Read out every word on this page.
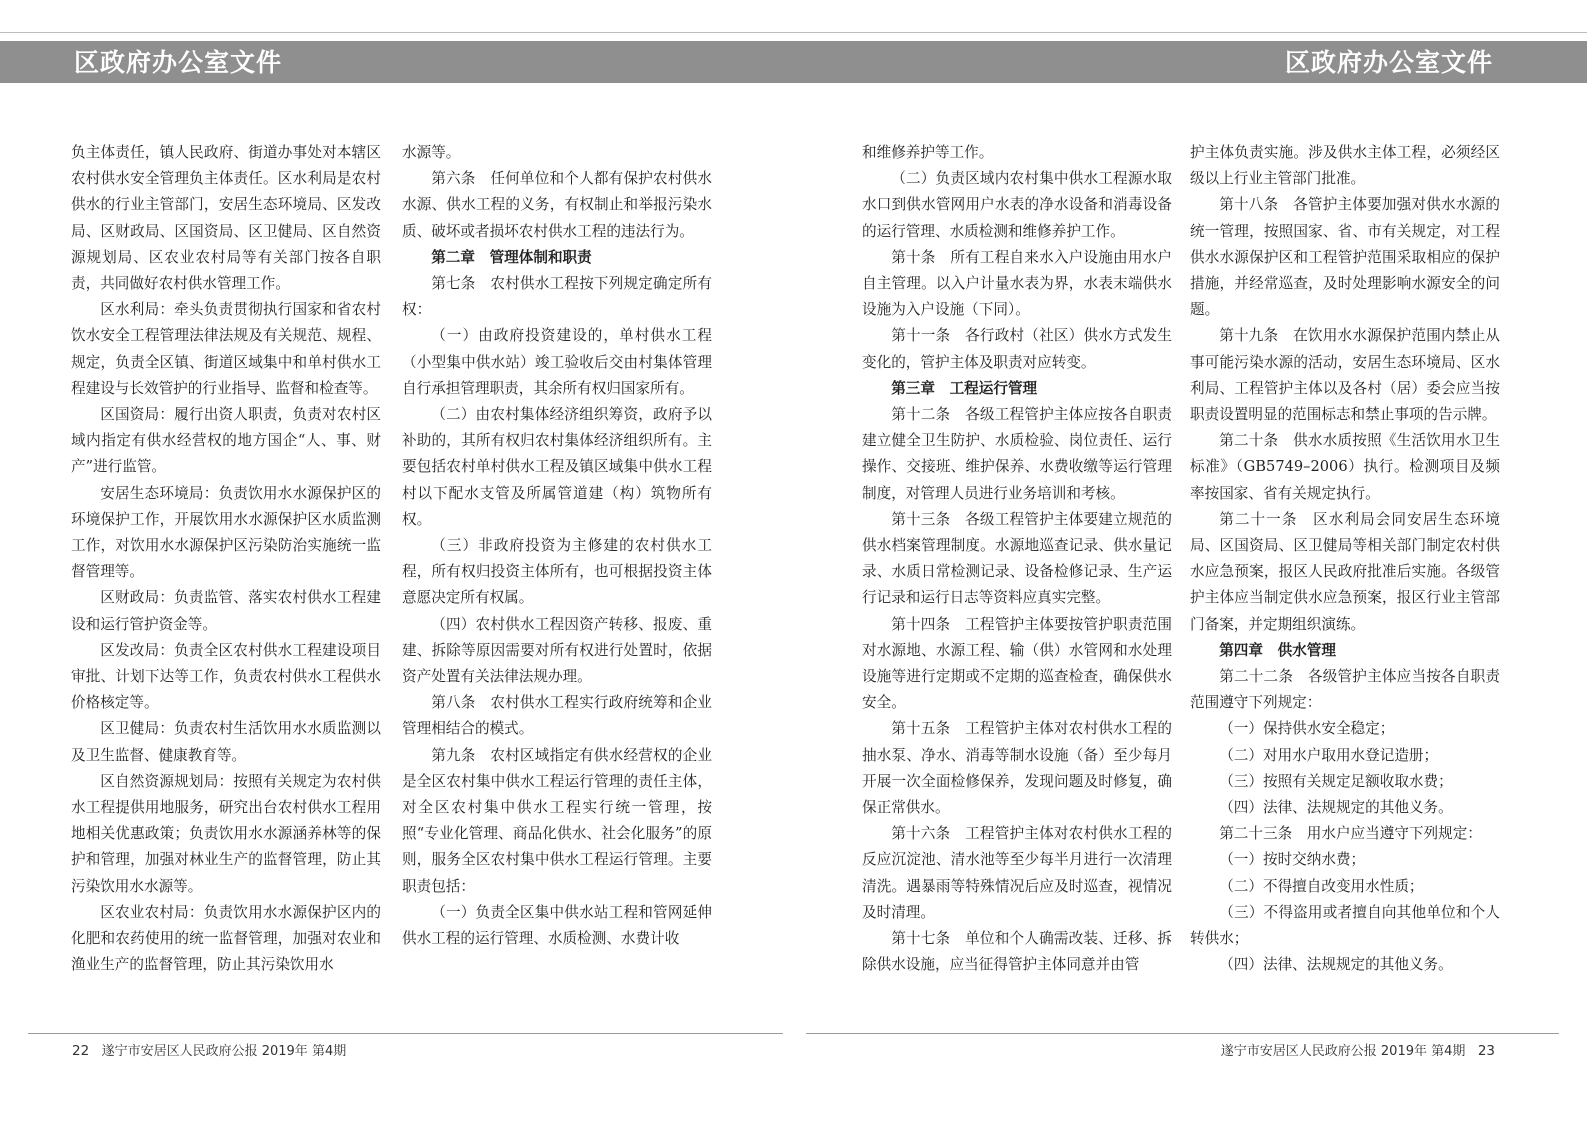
区政府办公室文件	区政府办公室文件

负主体责任，镇人民政府、街道办事处对本辖区农村供水安全管理负主体责任。区水利局是农村供水的行业主管部门，安居生态环境局、区发改局、区财政局、区国资局、区卫健局、区自然资源规划局、区农业农村局等有关部门按各自职责，共同做好农村供水管理工作。

区水利局：牵头负责贯彻执行国家和省农村饮水安全工程管理法律法规及有关规范、规程、规定，负责全区镇、街道区域集中和单村供水工程建设与长效管护的行业指导、监督和检查等。

区国资局：履行出资人职责，负责对农村区域内指定有供水经营权的地方国企“人、事、财产”进行监管。

安居生态环境局：负责饮用水水源保护区的环境保护工作，开展饮用水水源保护区水质监测工作，对饮用水水源保护区污染防治实施统一监督管理等。

区财政局：负责监管、落实农村供水工程建设和运行管护资金等。

区发改局：负责全区农村供水工程建设项目审批、计划下达等工作，负责农村供水工程供水价格核定等。

区卫健局：负责农村生活饮用水水质监测以及卫生监督、健康教育等。

区自然资源规划局：按照有关规定为农村供水工程提供用地服务，研究出台农村供水工程用地相关优惠政策；负责饮用水水源涵养林等的保护和管理，加强对林业生产的监督管理，防止其污染饮用水水源等。

区农业农村局：负责饮用水水源保护区内的化肥和农药使用的统一监督管理，加强对农业和渔业生产的监督管理，防止其污染饮用水

水源等。

第六条　任何单位和个人都有保护农村供水水源、供水工程的义务，有权制止和举报污染水质、破坏或者损坏农村供水工程的违法行为。

第二章　管理体制和职责

第七条　农村供水工程按下列规定确定所有权：

（一）由政府投资建设的，单村供水工程（小型集中供水站）竣工验收后交由村集体管理自行承担管理职责，其余所有权归国家所有。

（二）由农村集体经济组织筹资，政府予以补助的，其所有权归农村集体经济组织所有。主要包括农村单村供水工程及镇区域集中供水工程村以下配水支管及所属管道建（构）筑物所有权。

（三）非政府投资为主修建的农村供水工程，所有权归投资主体所有，也可根据投资主体意愿决定所有权属。

（四）农村供水工程因资产转移、报废、重建、拆除等原因需要对所有权进行处置时，依据资产处置有关法律法规办理。

第八条　农村供水工程实行政府统筹和企业管理相结合的模式。

第九条　农村区域指定有供水经营权的企业是全区农村集中供水工程运行管理的责任主体，对全区农村集中供水工程实行统一管理，按照“专业化管理、商品化供水、社会化服务”的原则，服务全区农村集中供水工程运行管理。主要职责包括：

（一）负责全区集中供水站工程和管网延伸供水工程的运行管理、水质检测、水费计收

和维修养护等工作。

（二）负责区域内农村集中供水工程源水取水口到供水管网用户水表的净水设备和消毒设备的运行管理、水质检测和维修养护工作。

第十条　所有工程自来水入户设施由用水户自主管理。以入户计量水表为界，水表末端供水设施为入户设施（下同）。

第十一条　各行政村（社区）供水方式发生变化的，管护主体及职责对应转变。

第三章　工程运行管理

第十二条　各级工程管护主体应按各自职责建立健全卫生防护、水质检验、岗位责任、运行操作、交接班、维护保养、水费收缴等运行管理制度，对管理人员进行业务培训和考核。

第十三条　各级工程管护主体要建立规范的供水档案管理制度。水源地巡查记录、供水量记录、水质日常检测记录、设备检修记录、生产运行记录和运行日志等资料应真实完整。

第十四条　工程管护主体要按管护职责范围对水源地、水源工程、输（供）水管网和水处理设施等进行定期或不定期的巡查检查，确保供水安全。

第十五条　工程管护主体对农村供水工程的抽水泵、净水、消毒等制水设施（备）至少每月开展一次全面检修保养，发现问题及时修复，确保正常供水。

第十六条　工程管护主体对农村供水工程的反应沉淀池、清水池等至少每半月进行一次清理清洗。遇暴雨等特殊情况后应及时巡查，视情况及时清理。

第十七条　单位和个人确需改装、迁移、拆除供水设施，应当征得管护主体同意并由管

护主体负责实施。涉及供水主体工程，必须经区级以上行业主管部门批准。

第十八条　各管护主体要加强对供水水源的统一管理，按照国家、省、市有关规定，对工程供水水源保护区和工程管护范围采取相应的保护措施，并经常巡查，及时处理影响水源安全的问题。

第十九条　在饮用水水源保护范围内禁止从事可能污染水源的活动，安居生态环境局、区水利局、工程管护主体以及各村（居）委会应当按职责设置明显的范围标志和禁止事项的告示牌。

第二十条　供水水质按照《生活饮用水卫生标准》（GB5749–2006）执行。检测项目及频率按国家、省有关规定执行。

第二十一条　区水利局会同安居生态环境局、区国资局、区卫健局等相关部门制定农村供水应急预案，报区人民政府批准后实施。各级管护主体应当制定供水应急预案，报区行业主管部门备案，并定期组织演练。

第四章　供水管理

第二十二条　各级管护主体应当按各自职责范围遵守下列规定：

（一）保持供水安全稳定；

（二）对用水户取用水登记造册；

（三）按照有关规定足额收取水费；

（四）法律、法规规定的其他义务。

第二十三条　用水户应当遵守下列规定：

（一）按时交纳水费；

（二）不得擅自改变用水性质；

（三）不得盗用或者擅自向其他单位和个人转供水；

（四）法律、法规规定的其他义务。

22 遂宁市安居区人民政府公报 2019年 第4期	遂宁市安居区人民政府公报 2019年 第4期 23
